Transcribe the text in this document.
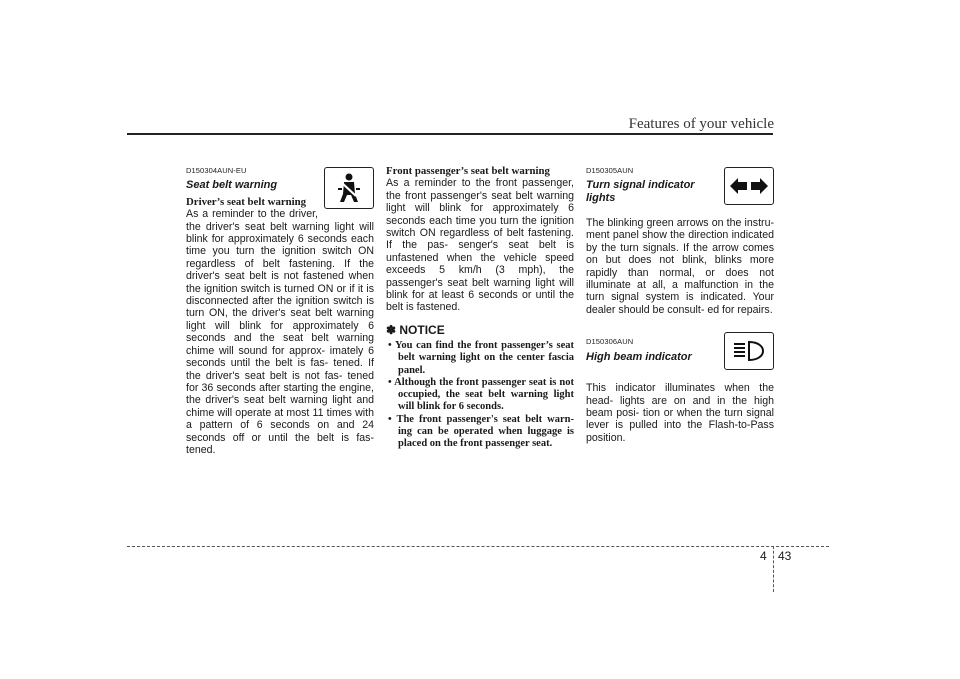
Features of your vehicle
D150304AUN-EU
Seat belt warning
Driver’s seat belt warning

As a reminder to the driver, the driver's seat belt warning light will blink for approximately 6 seconds each time you turn the ignition switch ON regardless of belt fastening. If the driver's seat belt is not fastened when the ignition switch is turned ON or if it is disconnected after the ignition switch is turn ON, the driver's seat belt warning light will blink for approximately 6 seconds and the seat belt warning chime will sound for approx- imately 6 seconds until the belt is fas- tened. If the driver's seat belt is not fas- tened for 36 seconds after starting the engine, the driver's seat belt warning light and chime will operate at most 11 times with a pattern of 6 seconds on and 24 seconds off or until the belt is fas- tened.

Front passenger’s seat belt warning

As a reminder to the front passenger, the front passenger's seat belt warning light will blink for approximately 6 seconds each time you turn the ignition switch ON regardless of belt fastening. If the pas- senger's seat belt is unfastened when the vehicle speed exceeds 5 km/h (3 mph), the passenger's seat belt warning light will blink for at least 6 seconds or until the belt is fastened.

✽ NOTICE
• You can find the front passenger’s seat belt warning light on the center fascia panel.
• Although the front passenger seat is not occupied, the seat belt warning light will blink for 6 seconds.
• The front passenger's seat belt warn- ing can be operated when luggage is placed on the front passenger seat.
D150305AUN
Turn signal indicator lights

The blinking green arrows on the instru- ment panel show the direction indicated by the turn signals. If the arrow comes on but does not blink, blinks more rapidly than normal, or does not illuminate at all, a malfunction in the turn signal system is indicated. Your dealer should be consult- ed for repairs.

D150306AUN
High beam indicator

This indicator illuminates when the head- lights are on and in the high beam posi- tion or when the turn signal lever is pulled into the Flash-to-Pass position.

4 43
